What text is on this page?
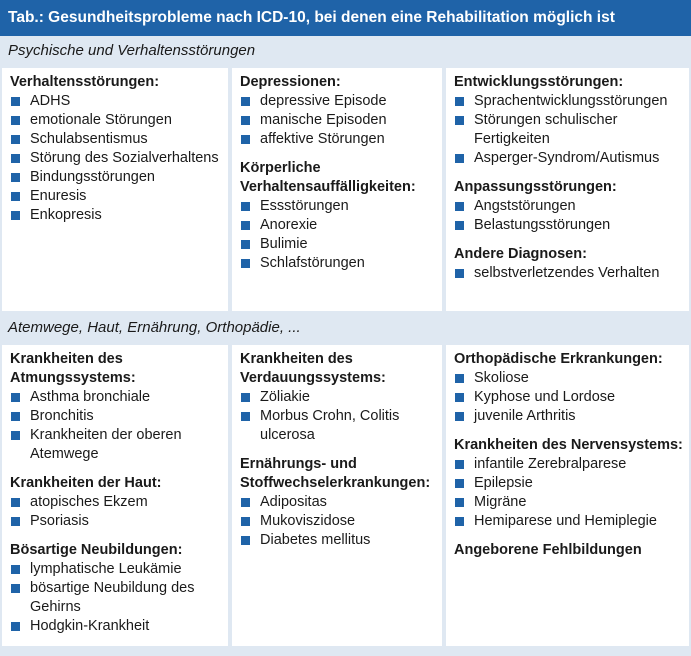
Tab.: Gesundheitsprobleme nach ICD-10, bei denen eine Rehabilitation möglich ist
Psychische und Verhaltensstörungen
Verhaltensstörungen:
ADHS
emotionale Störungen
Schulabsentismus
Störung des Sozialverhaltens
Bindungsstörungen
Enuresis
Enkopresis
Depressionen:
depressive Episode
manische Episoden
affektive Störungen
Körperliche Verhaltensauffälligkeiten:
Essstörungen
Anorexie
Bulimie
Schlafstörungen
Entwicklungsstörungen:
Sprachentwicklungsstörungen
Störungen schulischer Fertigkeiten
Asperger-Syndrom/Autismus
Anpassungsstörungen:
Angststörungen
Belastungsstörungen
Andere Diagnosen:
selbstverletzendes Verhalten
Atemwege, Haut, Ernährung, Orthopädie, ...
Krankheiten des Atmungssystems:
Asthma bronchiale
Bronchitis
Krankheiten der oberen Atemwege
Krankheiten der Haut:
atopisches Ekzem
Psoriasis
Bösartige Neubildungen:
lymphatische Leukämie
bösartige Neubildung des Gehirns
Hodgkin-Krankheit
Krankheiten des Verdauungssystems:
Zöliakie
Morbus Crohn, Colitis ulcerosa
Ernährungs- und Stoffwechselerkrankungen:
Adipositas
Mukoviszidose
Diabetes mellitus
Orthopädische Erkrankungen:
Skoliose
Kyphose und Lordose
juvenile Arthritis
Krankheiten des Nervensystems:
infantile Zerebralparese
Epilepsie
Migräne
Hemiparese und Hemiplegie
Angeborene Fehlbildungen
